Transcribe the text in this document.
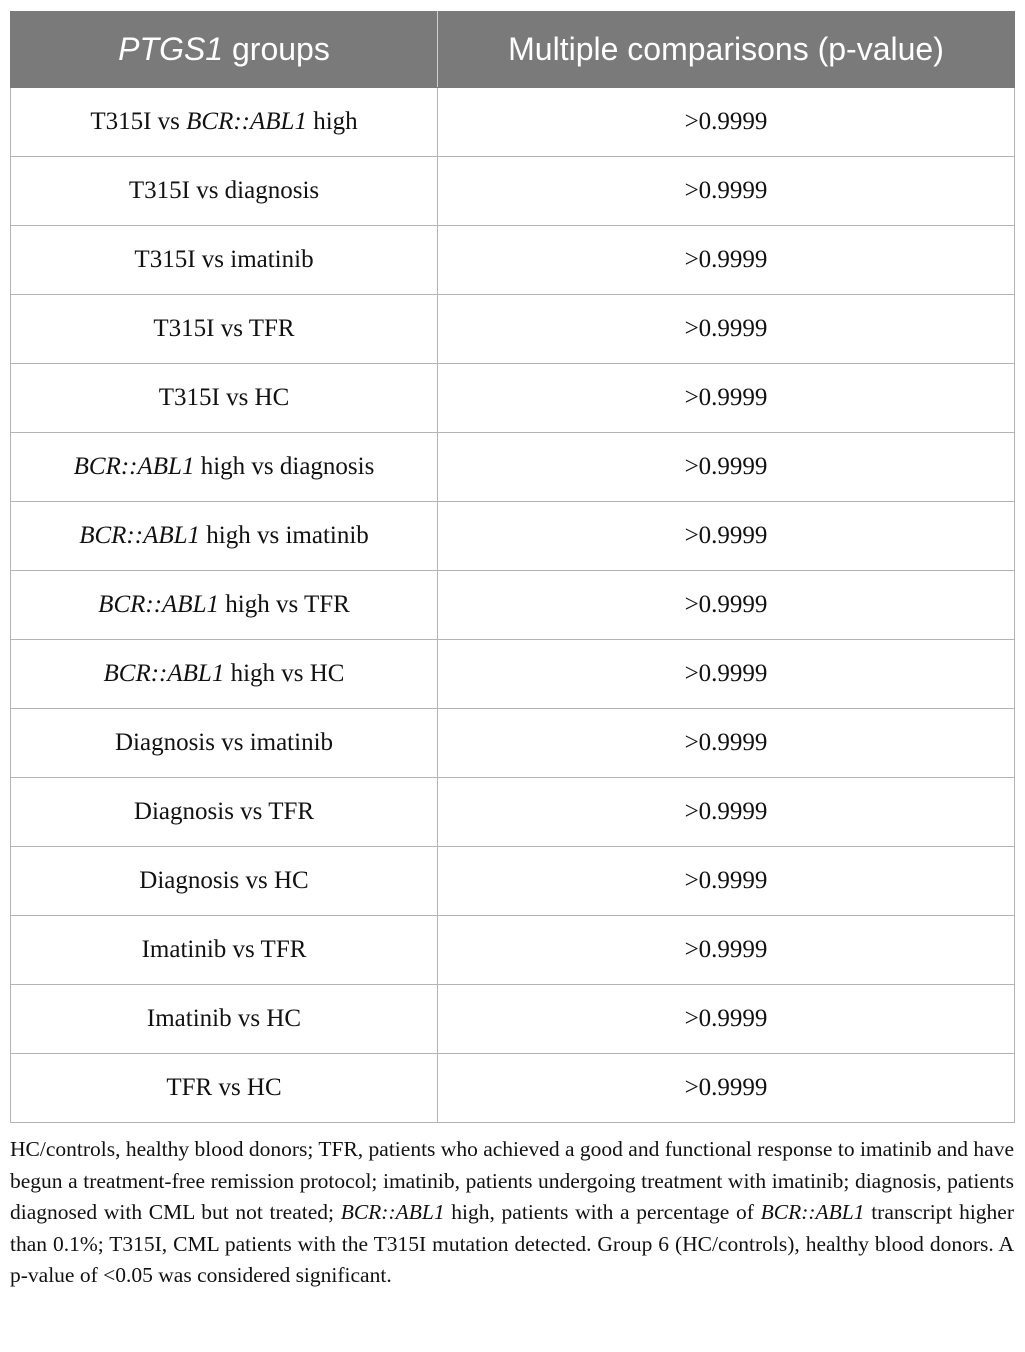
PTGS1 groups	Multiple comparisons (p-value)
T315I vs BCR::ABL1 high	>0.9999
T315I vs diagnosis	>0.9999
T315I vs imatinib	>0.9999
T315I vs TFR	>0.9999
T315I vs HC	>0.9999
BCR::ABL1 high vs diagnosis	>0.9999
BCR::ABL1 high vs imatinib	>0.9999
BCR::ABL1 high vs TFR	>0.9999
BCR::ABL1 high vs HC	>0.9999
Diagnosis vs imatinib	>0.9999
Diagnosis vs TFR	>0.9999
Diagnosis vs HC	>0.9999
Imatinib vs TFR	>0.9999
Imatinib vs HC	>0.9999
TFR vs HC	>0.9999
HC/controls, healthy blood donors; TFR, patients who achieved a good and functional response to imatinib and have begun a treatment-free remission protocol; imatinib, patients undergoing treatment with imatinib; diagnosis, patients diagnosed with CML but not treated; BCR::ABL1 high, patients with a percentage of BCR::ABL1 transcript higher than 0.1%; T315I, CML patients with the T315I mutation detected. Group 6 (HC/controls), healthy blood donors. A p-value of <0.05 was considered significant.
